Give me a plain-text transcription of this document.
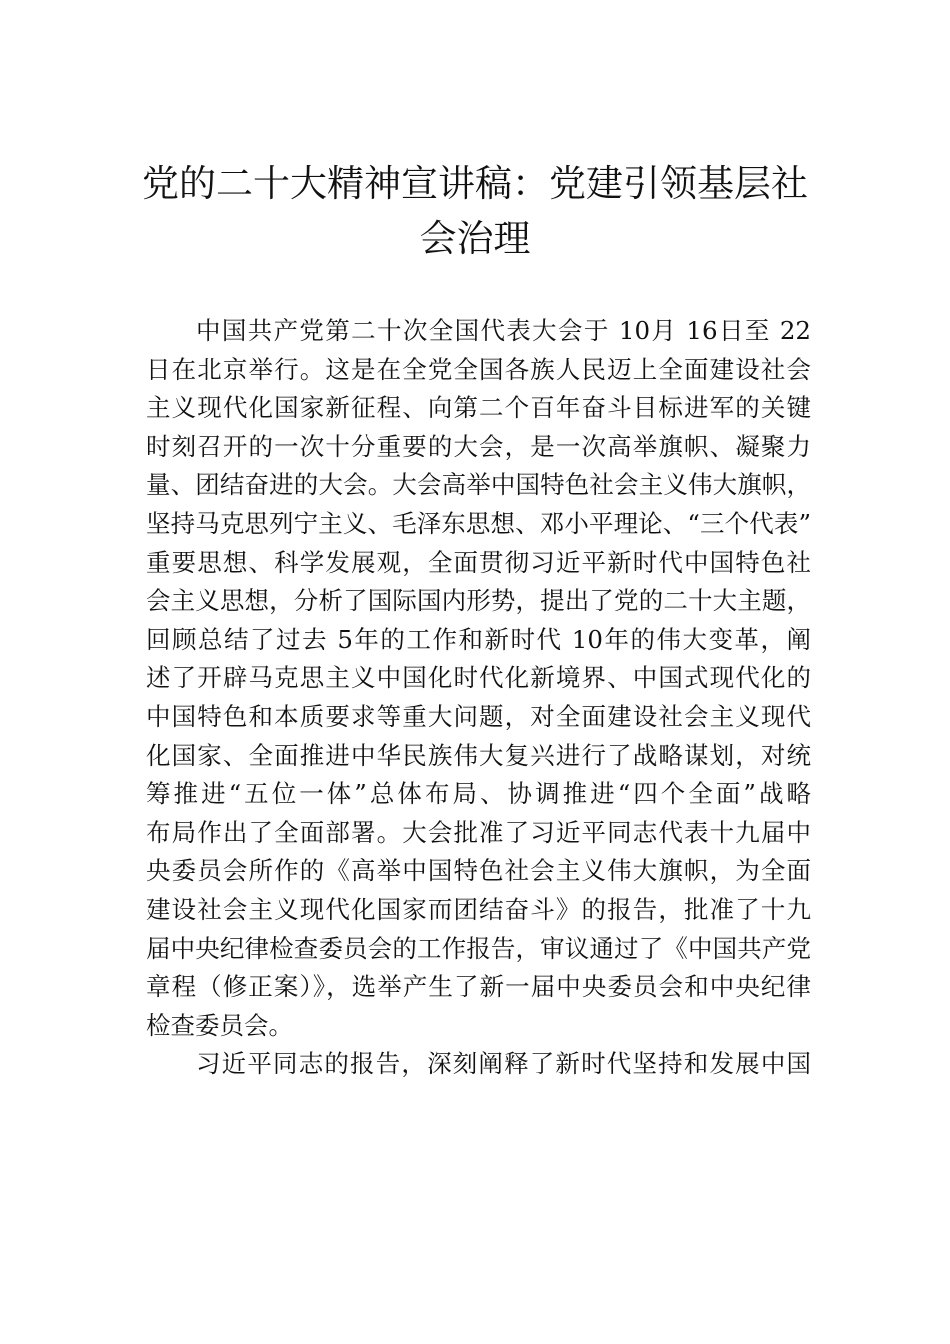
党的二十大精神宣讲稿：党建引领基层社
会治理
中国共产党第二十次全国代表大会于 10月 16日至 22
日在北京举行。这是在全党全国各族人民迈上全面建设社会
主义现代化国家新征程、向第二个百年奋斗目标进军的关键
时刻召开的一次十分重要的大会，是一次高举旗帜、凝聚力
量、团结奋进的大会。大会高举中国特色社会主义伟大旗帜，
坚持马克思列宁主义、毛泽东思想、邓小平理论、“三个代表”
重要思想、科学发展观，全面贯彻习近平新时代中国特色社
会主义思想，分析了国际国内形势，提出了党的二十大主题，
回顾总结了过去 5年的工作和新时代 10年的伟大变革，阐
述了开辟马克思主义中国化时代化新境界、中国式现代化的
中国特色和本质要求等重大问题，对全面建设社会主义现代
化国家、全面推进中华民族伟大复兴进行了战略谋划，对统
筹推进“五位一体”总体布局、协调推进“四个全面”战略
布局作出了全面部署。大会批准了习近平同志代表十九届中
央委员会所作的《高举中国特色社会主义伟大旗帜，为全面
建设社会主义现代化国家而团结奋斗》的报告，批准了十九
届中央纪律检查委员会的工作报告，审议通过了《中国共产党
章程（修正案）》，选举产生了新一届中央委员会和中央纪律
检查委员会。
习近平同志的报告，深刻阐释了新时代坚持和发展中国
